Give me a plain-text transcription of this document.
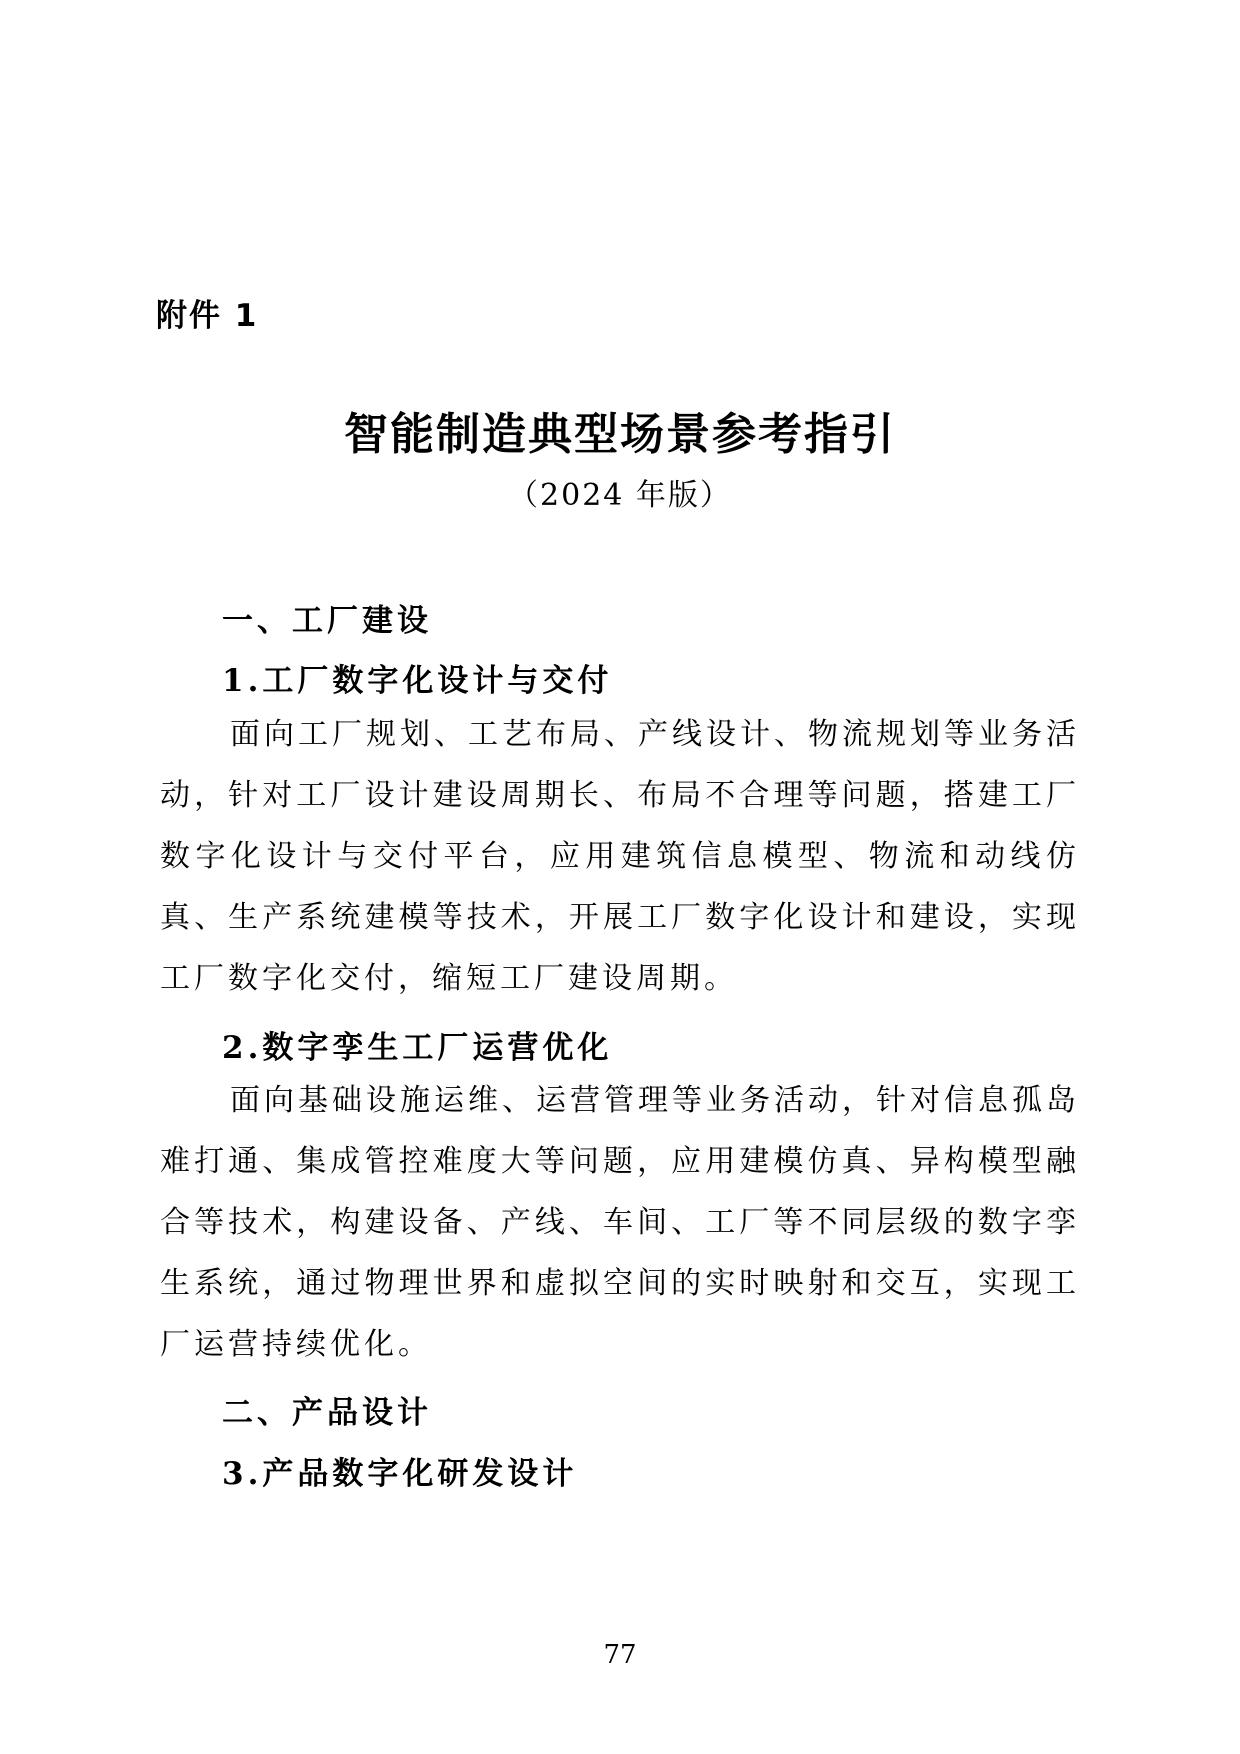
附件 1
智能制造典型场景参考指引
（2024 年版）
一、工厂建设
1.工厂数字化设计与交付

面向工厂规划、工艺布局、产线设计、物流规划等业务活动，针对工厂设计建设周期长、布局不合理等问题，搭建工厂数字化设计与交付平台，应用建筑信息模型、物流和动线仿真、生产系统建模等技术，开展工厂数字化设计和建设，实现工厂数字化交付，缩短工厂建设周期。

2.数字孪生工厂运营优化

面向基础设施运维、运营管理等业务活动，针对信息孤岛难打通、集成管控难度大等问题，应用建模仿真、异构模型融合等技术，构建设备、产线、车间、工厂等不同层级的数字孪生系统，通过物理世界和虚拟空间的实时映射和交互，实现工厂运营持续优化。

二、产品设计
3.产品数字化研发设计
77
